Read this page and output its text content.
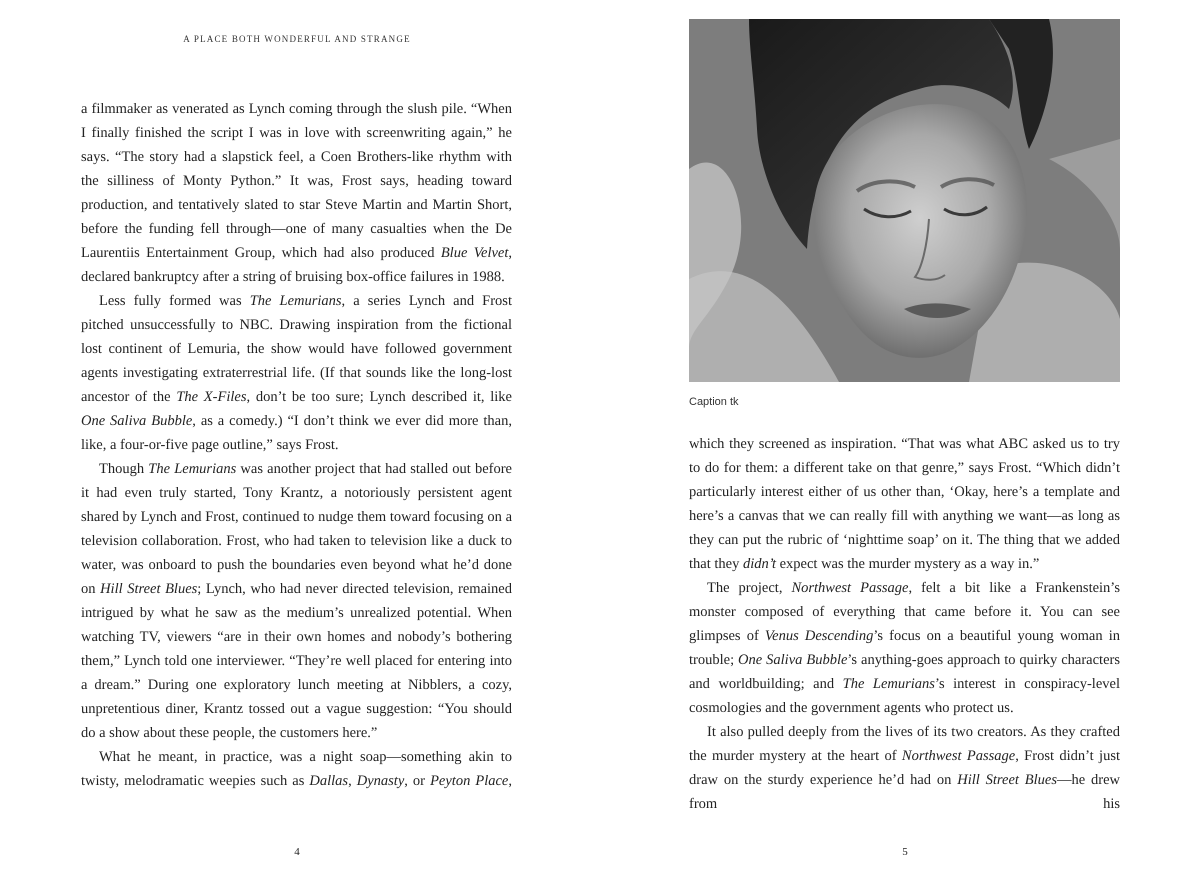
A PLACE BOTH WONDERFUL AND STRANGE

a filmmaker as venerated as Lynch coming through the slush pile. “When I finally finished the script I was in love with screenwriting again,” he says. “The story had a slapstick feel, a Coen Brothers-like rhythm with the silliness of Monty Python.” It was, Frost says, heading toward production, and tentatively slated to star Steve Martin and Martin Short, before the funding fell through—one of many casualties when the De Laurentiis Entertainment Group, which had also produced Blue Velvet, declared bankruptcy after a string of bruising box-office failures in 1988.

Less fully formed was The Lemurians, a series Lynch and Frost pitched unsuccessfully to NBC. Drawing inspiration from the fictional lost continent of Lemuria, the show would have followed government agents investigating extraterrestrial life. (If that sounds like the long-lost ancestor of the The X-Files, don’t be too sure; Lynch described it, like One Saliva Bubble, as a comedy.) “I don’t think we ever did more than, like, a four-or-five page outline,” says Frost.

Though The Lemurians was another project that had stalled out before it had even truly started, Tony Krantz, a notoriously persistent agent shared by Lynch and Frost, continued to nudge them toward focusing on a television collaboration. Frost, who had taken to television like a duck to water, was onboard to push the boundaries even beyond what he’d done on Hill Street Blues; Lynch, who had never directed television, remained intrigued by what he saw as the medium’s unrealized potential. When watching TV, viewers “are in their own homes and nobody’s bothering them,” Lynch told one interviewer. “They’re well placed for entering into a dream.” During one exploratory lunch meeting at Nibblers, a cozy, unpretentious diner, Krantz tossed out a vague suggestion: “You should do a show about these people, the customers here.”

What he meant, in practice, was a night soap—something akin to twisty, melodramatic weepies such as Dallas, Dynasty, or Peyton Place,

4
Caption tk

which they screened as inspiration. “That was what ABC asked us to try to do for them: a different take on that genre,” says Frost. “Which didn’t particularly interest either of us other than, ‘Okay, here’s a template and here’s a canvas that we can really fill with anything we want—as long as they can put the rubric of ‘nighttime soap’ on it. The thing that we added that they didn’t expect was the murder mystery as a way in.”

The project, Northwest Passage, felt a bit like a Frankenstein’s monster composed of everything that came before it. You can see glimpses of Venus Descending’s focus on a beautiful young woman in trouble; One Saliva Bubble’s anything-goes approach to quirky characters and worldbuilding; and The Lemurians’s interest in conspiracy-level cosmologies and the government agents who protect us.

It also pulled deeply from the lives of its two creators. As they crafted the murder mystery at the heart of Northwest Passage, Frost didn’t just draw on the sturdy experience he’d had on Hill Street Blues—he drew from his

5
